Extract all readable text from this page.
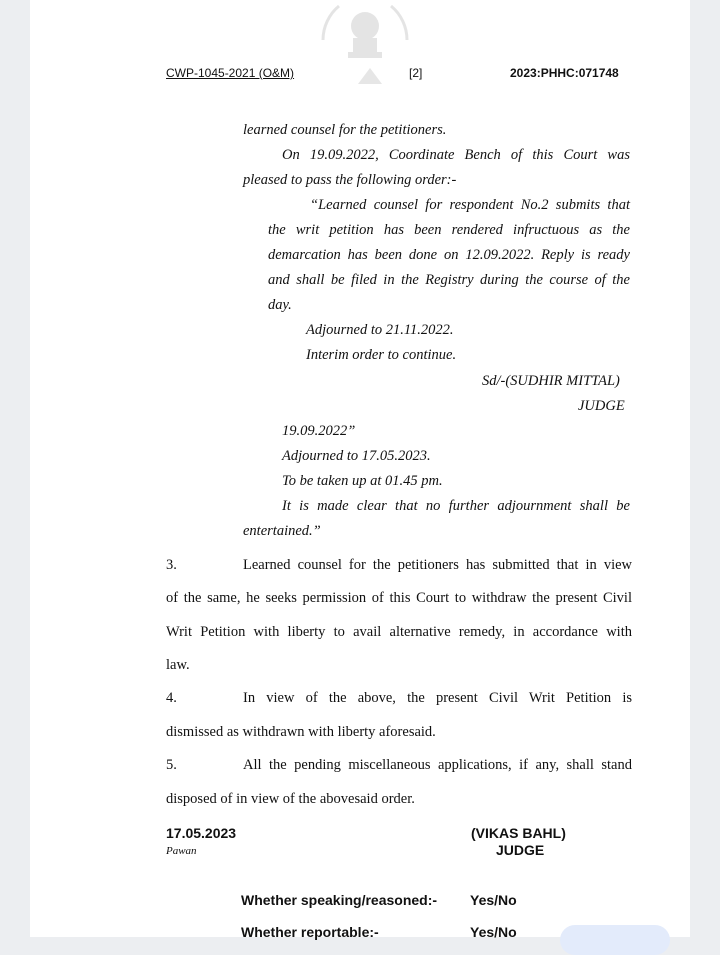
CWP-1045-2021 (O&M)	[2]	2023:PHHC:071748
learned counsel for the petitioners.
On 19.09.2022, Coordinate Bench of this Court was
pleased to pass the following order:-
“Learned counsel for respondent No.2 submits that
the writ petition has been rendered infructuous as the
demarcation has been done on 12.09.2022. Reply is ready
and shall be filed in the Registry during the course of the
day.
Adjourned to 21.11.2022.
Interim order to continue.
Sd/-(SUDHIR MITTAL)
JUDGE
19.09.2022”
Adjourned to 17.05.2023.
To be taken up at 01.45 pm.
It is made clear that no further adjournment shall be
entertained.”
3.	Learned counsel for the petitioners has submitted that in view
of the same, he seeks permission of this Court to withdraw the present Civil
Writ Petition with liberty to avail alternative remedy, in accordance with
law.
4.	In view of the above, the present Civil Writ Petition is
dismissed as withdrawn with liberty aforesaid.
5.	All the pending miscellaneous applications, if any, shall stand
disposed of in view of the abovesaid order.
17.05.2023
Pawan
(VIKAS BAHL)
JUDGE
Whether speaking/reasoned:- Yes/No
Whether reportable:-	Yes/No
